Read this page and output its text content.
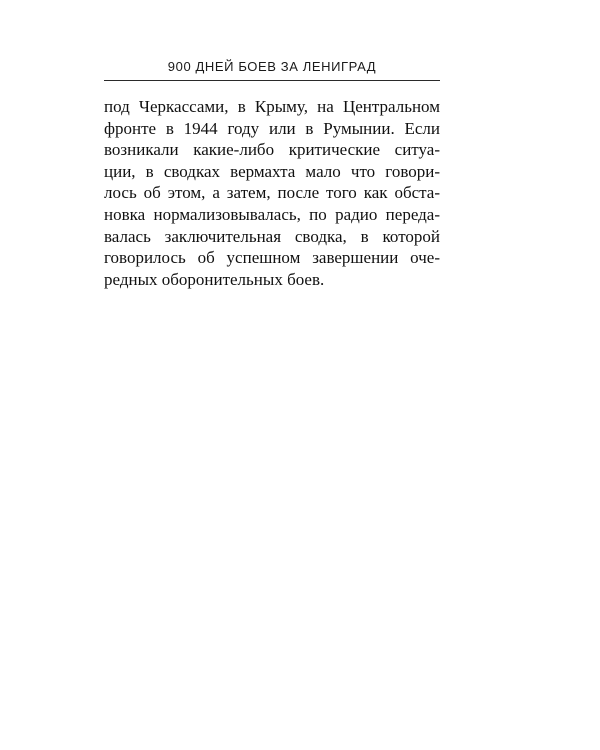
900 ДНЕЙ БОЕВ ЗА ЛЕНИГРАД
под Черкассами, в Крыму, на Центральном
фронте в 1944 году или в Румынии. Если
возникали какие-либо критические ситуа-
ции, в сводках вермахта мало что говори-
лось об этом, а затем, после того как обста-
новка нормализовывалась, по радио переда-
валась заключительная сводка, в которой
говорилось об успешном завершении оче-
редных оборонительных боев.
